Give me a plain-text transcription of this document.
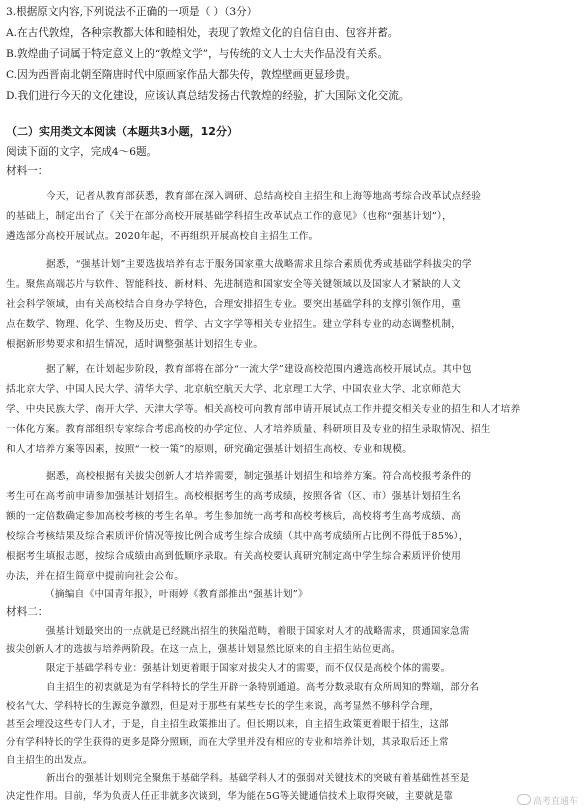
3.根据原文内容,下列说法不正确的一项是（ ）（3分）
A.在古代敦煌，各种宗教都大体和睦相处，表现了敦煌文化的自信自由、包容并蓄。
B.敦煌曲子词属于特定意义上的“敦煌文学”，与传统的文人士大夫作品没有关系。
C.因为西晋南北朝至隋唐时代中原画家作品大都失传，敦煌壁画更显珍贵。
D.我们进行今天的文化建设，应该认真总结发扬古代敦煌的经验，扩大国际文化交流。
（二）实用类文本阅读（本题共3小题，12分）
阅读下面的文字，完成4～6题。
材料一：
今天，记者从教育部获悉，教育部在深入调研、总结高校自主招生和上海等地高考综合改革试点经验
的基础上，制定出台了《关于在部分高校开展基础学科招生改革试点工作的意见》（也称“强基计划”），
遴选部分高校开展试点。2020年起，不再组织开展高校自主招生工作。
据悉，“强基计划”主要选拔培养有志于服务国家重大战略需求且综合素质优秀或基础学科拔尖的学
生。聚焦高端芯片与软件、智能科技、新材料、先进制造和国家安全等关键领域以及国家人才紧缺的人文
社会科学领域，由有关高校结合自身办学特色，合理安排招生专业。要突出基础学科的支撑引领作用，重
点在数学、物理、化学、生物及历史、哲学、古文字学等相关专业招生。建立学科专业的动态调整机制，
根据新形势要求和招生情况，适时调整强基计划招生专业。
据了解，在计划起步阶段，教育部将在部分“一流大学”建设高校范围内遴选高校开展试点。其中包
括北京大学、中国人民大学、清华大学、北京航空航天大学、北京理工大学、中国农业大学、北京师范大
学、中央民族大学、南开大学、天津大学等。相关高校可向教育部申请开展试点工作并提交相关专业的招生和人才培养
一体化方案。教育部组织专家综合考虑高校的办学定位、人才培养质量、科研项目及专业的招生录取情况、招生
和人才培养方案等因素，按照“一校一策”的原则，研究确定强基计划招生高校、专业和规模。
据悉，高校根据有关拔尖创新人才培养需要，制定强基计划招生和培养方案。符合高校报考条件的
考生可在高考前申请参加强基计划招生。高校根据考生的高考成绩，按照各省（区、市）强基计划招生名
额的一定倍数确定参加高校考核的考生名单。考生参加统一高考和高校考核后，高校将考生高考成绩、高
校综合考核结果及综合素质评价情况等按比例合成考生综合成绩（其中高考成绩所占比例不得低于85%），
根据考生填报志愿，按综合成绩由高到低顺序录取。有关高校要认真研究制定高中学生综合素质评价使用
办法，并在招生简章中提前向社会公布。
（摘编自《中国青年报》，叶雨婷《教育部推出“强基计划”》
材料二：
强基计划最突出的一点就是已经跳出招生的狭隘范畴，着眼于国家对人才的战略需求，贯通国家急需
拔尖创新人才的选拔与培养两阶段。在这一点上，强基计划显然比原来的自主招生站位更高。
限定于基础学科专业：强基计划更着眼于国家对拔尖人才的需要，而不仅仅是高校个体的需要。
自主招生的初衷就是为有学科特长的学生开辟一条特别通道。高考分数录取有众所周知的弊端，部分名
校名气大、学科特长的生源竞争激烈，但是对于那些有某些专长的学生来说，高考显然不够科学合理，
甚至会埋没这些专门人才，于是，自主招生政策推出了。但长期以来，自主招生政策更着眼于招生，这部
分有学科特长的学生获得的更多是降分照顾，而在大学里并没有相应的专业和培养计划，其录取后还上常
自主招生的出发点。
新出台的强基计划则完全聚焦于基础学科。基础学科人才的强弱对关键技术的突破有着基础性甚至是
决定性作用。目前，华为负责人任正非就多次谈到，华为能在5G等关键通信技术上取得突破，主要就是靠	高考直通车
